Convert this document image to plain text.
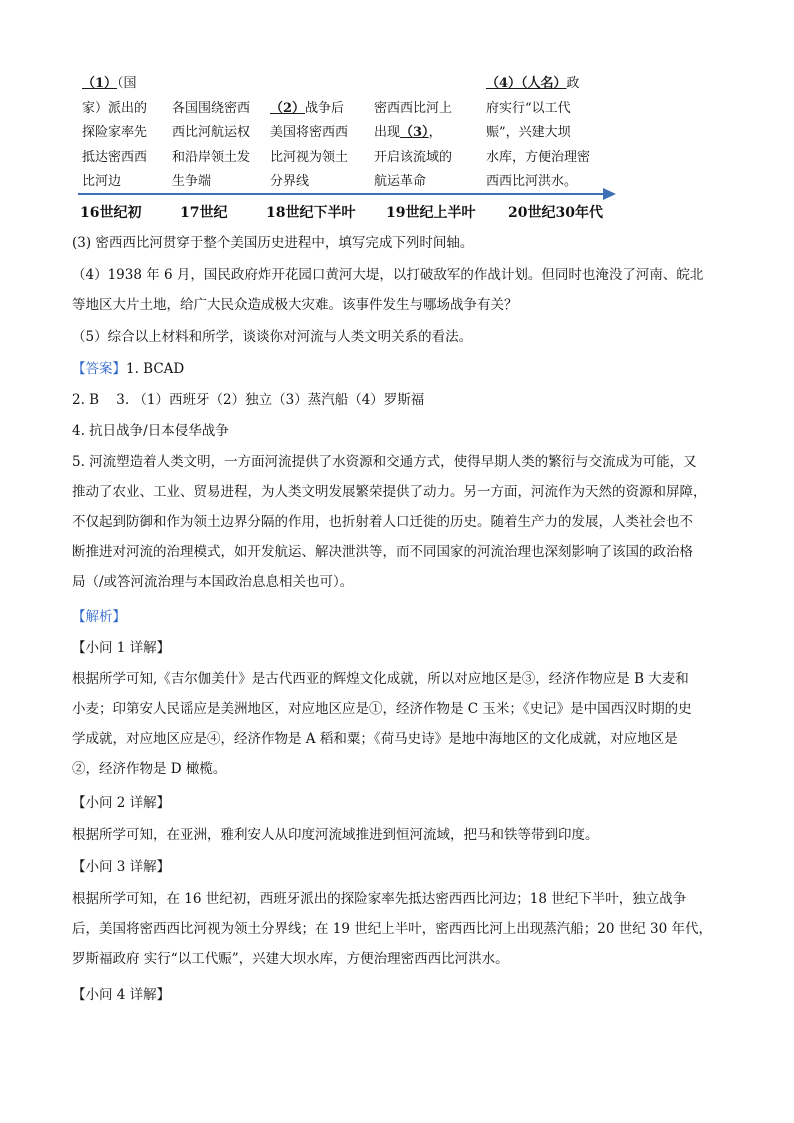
（1）（国
家）派出的
探险家率先
抵达密西西
比河边

各国围绕密西
西比河航运权
和沿岸领土发
生争端

（2）战争后
美国将密西西
比河视为领土
分界线

密西西比河上
出现（3），
开启该流域的
航运革命
（4）（人名）政
府实行“以工代
赈”，兴建大坝
水库，方便治理密
西西比河洪水。
16世纪初	17世纪	18世纪下半叶 19世纪上半叶 20世纪30年代
(3) 密西西比河贯穿于整个美国历史进程中，填写完成下列时间轴。
（4）1938 年 6 月，国民政府炸开花园口黄河大堤，以打破敌军的作战计划。但同时也淹没了河南、皖北
等地区大片土地，给广大民众造成极大灾难。该事件发生与哪场战争有关？
（5）综合以上材料和所学，谈谈你对河流与人类文明关系的看法。
【答案】1. BCAD
2. B 3. （1）西班牙（2）独立（3）蒸汽船（4）罗斯福
4. 抗日战争/日本侵华战争
5. 河流塑造着人类文明，一方面河流提供了水资源和交通方式，使得早期人类的繁衍与交流成为可能，又
推动了农业、工业、贸易进程，为人类文明发展繁荣提供了动力。另一方面，河流作为天然的资源和屏障，
不仅起到防御和作为领土边界分隔的作用，也折射着人口迁徙的历史。随着生产力的发展，人类社会也不
断推进对河流的治理模式，如开发航运、解决泄洪等，而不同国家的河流治理也深刻影响了该国的政治格
局（/或答河流治理与本国政治息息相关也可）。
【解析】
【小问 1 详解】
根据所学可知,《吉尔伽美什》是古代西亚的辉煌文化成就，所以对应地区是③，经济作物应是 B 大麦和
小麦；印第安人民谣应是美洲地区，对应地区应是①，经济作物是 C 玉米；《史记》是中国西汉时期的史
学成就，对应地区应是④，经济作物是 A 稻和粟；《荷马史诗》是地中海地区的文化成就，对应地区是
②，经济作物是 D 橄榄。
【小问 2 详解】
根据所学可知，在亚洲，雅利安人从印度河流域推进到恒河流域，把马和铁等带到印度。
【小问 3 详解】
根据所学可知，在 16 世纪初，西班牙派出的探险家率先抵达密西西比河边；18 世纪下半叶，独立战争
后，美国将密西西比河视为领土分界线；在 19 世纪上半叶，密西西比河上出现蒸汽船；20 世纪 30 年代，
罗斯福政府 实行“以工代赈”，兴建大坝水库，方便治理密西西比河洪水。
【小问 4 详解】
